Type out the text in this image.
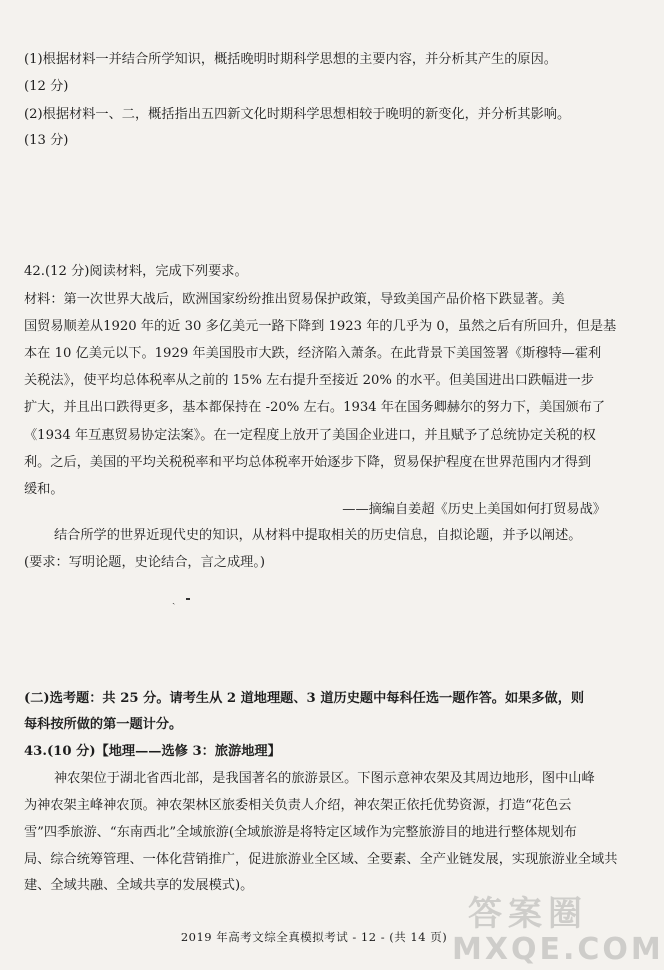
(1)根据材料一并结合所学知识，概括晚明时期科学思想的主要内容，并分析其产生的原因。
(12 分)
(2)根据材料一、二，概括指出五四新文化时期科学思想相较于晚明的新变化，并分析其影响。
(13 分)
42.(12 分)阅读材料，完成下列要求。
材料：第一次世界大战后，欧洲国家纷纷推出贸易保护政策，导致美国产品价格下跌显著。美
国贸易顺差从1920 年的近 30 多亿美元一路下降到 1923 年的几乎为 0，虽然之后有所回升，但是基
本在 10 亿美元以下。1929 年美国股市大跌，经济陷入萧条。在此背景下美国签署《斯穆特—霍利
关税法》，使平均总体税率从之前的 15% 左右提升至接近 20% 的水平。但美国进出口跌幅进一步
扩大，并且出口跌得更多，基本都保持在 -20% 左右。1934 年在国务卿赫尔的努力下，美国颁布了
《1934 年互惠贸易协定法案》。在一定程度上放开了美国企业进口，并且赋予了总统协定关税的权
利。之后，美国的平均关税税率和平均总体税率开始逐步下降，贸易保护程度在世界范围内才得到
缓和。
——摘编自姜超《历史上美国如何打贸易战》
结合所学的世界近现代史的知识，从材料中提取相关的历史信息，自拟论题，并予以阐述。
(要求：写明论题，史论结合，言之成理。)
ˎ
(二)选考题：共 25 分。请考生从 2 道地理题、3 道历史题中每科任选一题作答。如果多做，则
每科按所做的第一题计分。
43.(10 分)【地理——选修 3：旅游地理】
神农架位于湖北省西北部，是我国著名的旅游景区。下图示意神农架及其周边地形，图中山峰
为神农架主峰神农顶。神农架林区旅委相关负责人介绍，神农架正依托优势资源，打造“花色云
雪”四季旅游、“东南西北”全域旅游(全域旅游是将特定区域作为完整旅游目的地进行整体规划布
局、综合统筹管理、一体化营销推广，促进旅游业全区域、全要素、全产业链发展，实现旅游业全域共
建、全域共融、全域共享的发展模式)。
2019 年高考文综全真模拟考试 - 12 - (共 14 页)
答案圈
MXQE.COM
